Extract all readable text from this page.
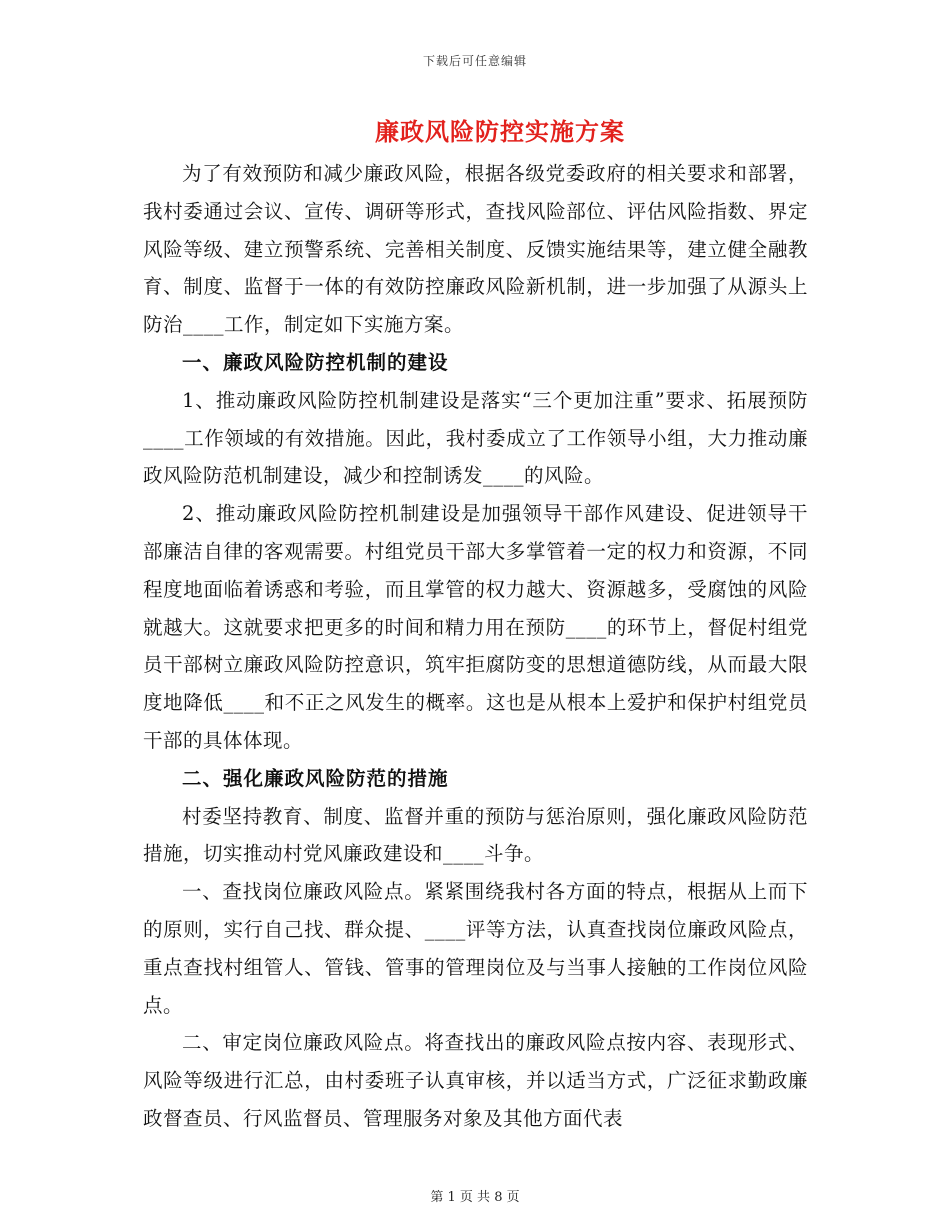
下载后可任意编辑
廉政风险防控实施方案

为了有效预防和减少廉政风险，根据各级党委政府的相关要求和部署，我村委通过会议、宣传、调研等形式，查找风险部位、评估风险指数、界定风险等级、建立预警系统、完善相关制度、反馈实施结果等，建立健全融教育、制度、监督于一体的有效防控廉政风险新机制，进一步加强了从源头上防治____工作，制定如下实施方案。

一、廉政风险防控机制的建设

1、推动廉政风险防控机制建设是落实“三个更加注重”要求、拓展预防____工作领域的有效措施。因此，我村委成立了工作领导小组，大力推动廉政风险防范机制建设，减少和控制诱发____的风险。

2、推动廉政风险防控机制建设是加强领导干部作风建设、促进领导干部廉洁自律的客观需要。村组党员干部大多掌管着一定的权力和资源，不同程度地面临着诱惑和考验，而且掌管的权力越大、资源越多，受腐蚀的风险就越大。这就要求把更多的时间和精力用在预防____的环节上，督促村组党员干部树立廉政风险防控意识，筑牢拒腐防变的思想道德防线，从而最大限度地降低____和不正之风发生的概率。这也是从根本上爱护和保护村组党员干部的具体体现。

二、强化廉政风险防范的措施

村委坚持教育、制度、监督并重的预防与惩治原则，强化廉政风险防范措施，切实推动村党风廉政建设和____斗争。

一、查找岗位廉政风险点。紧紧围绕我村各方面的特点，根据从上而下的原则，实行自己找、群众提、____评等方法，认真查找岗位廉政风险点，重点查找村组管人、管钱、管事的管理岗位及与当事人接触的工作岗位风险点。

二、审定岗位廉政风险点。将查找出的廉政风险点按内容、表现形式、风险等级进行汇总，由村委班子认真审核，并以适当方式，广泛征求勤政廉政督查员、行风监督员、管理服务对象及其他方面代表

第 1 页 共 8 页
